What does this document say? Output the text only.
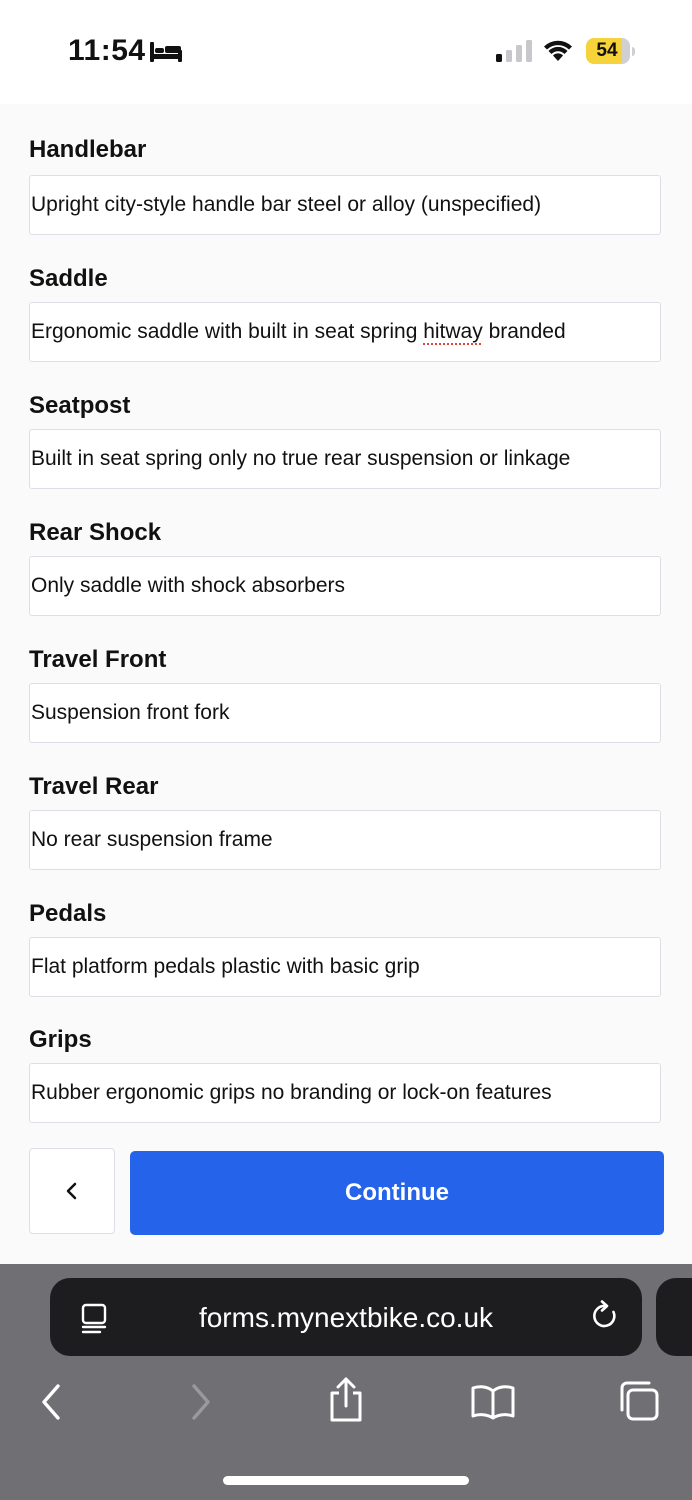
11:54	54
Handlebar
Upright city-style handle bar steel or alloy (unspecified)
Saddle
Ergonomic saddle with built in seat spring hitway branded
Seatpost
Built in seat spring only no true rear suspension or linkage
Rear Shock
Only saddle with shock absorbers
Travel Front
Suspension front fork
Travel Rear
No rear suspension frame
Pedals
Flat platform pedals plastic with basic grip
Grips
Rubber ergonomic grips no branding or lock-on features
Continue
forms.mynextbike.co.uk
